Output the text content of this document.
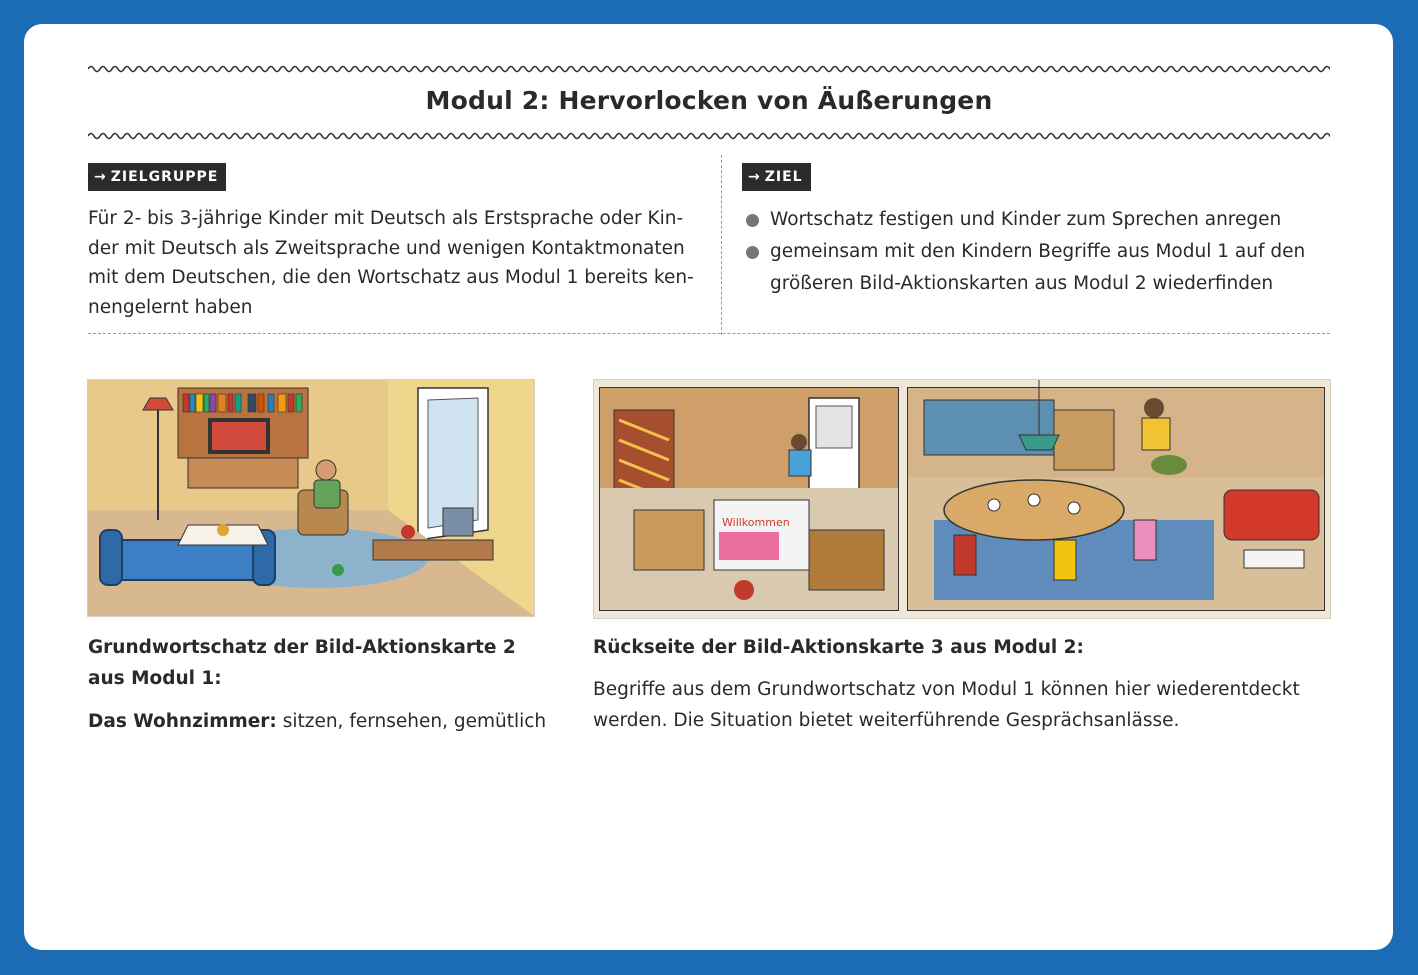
Modul 2: Hervorlocken von Äußerungen
→ ZIELGRUPPE
Für 2- bis 3-jährige Kinder mit Deutsch als Erstsprache oder Kin-
der mit Deutsch als Zweitsprache und wenigen Kontaktmonaten
mit dem Deutschen, die den Wortschatz aus Modul 1 bereits ken-
nengelernt haben
→ ZIEL
Wortschatz festigen und Kinder zum Sprechen anregen
gemeinsam mit den Kindern Begriffe aus Modul 1 auf den
größeren Bild-Aktionskarten aus Modul 2 wiederfinden
Willkommen
Grundwortschatz der Bild-Aktionskarte 2
aus Modul 1:
Das Wohnzimmer: sitzen, fernsehen, gemütlich
Rückseite der Bild-Aktionskarte 3 aus Modul 2:
Begriffe aus dem Grundwortschatz von Modul 1 können hier wiederentdeckt
werden. Die Situation bietet weiterführende Gesprächsanlässe.
